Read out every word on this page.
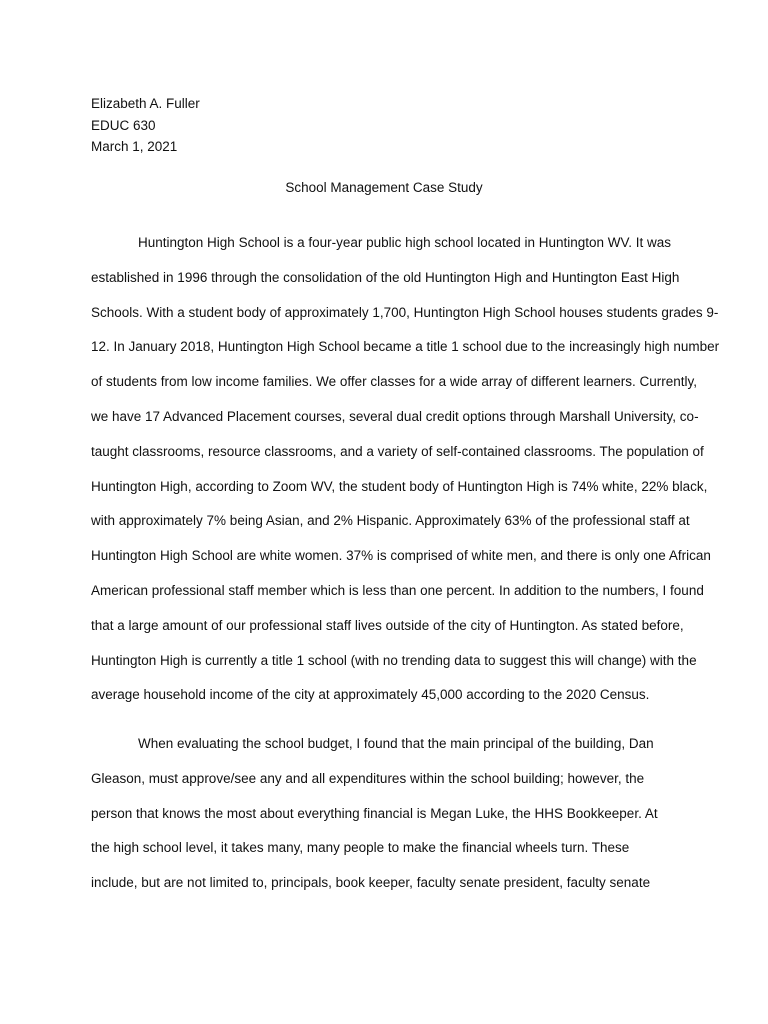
Elizabeth A. Fuller
EDUC 630
March 1, 2021
School Management Case Study
Huntington High School is a four-year public high school located in Huntington WV. It was
established in 1996 through the consolidation of the old Huntington High and Huntington East High
Schools. With a student body of approximately 1,700, Huntington High School houses students grades 9-
12. In January 2018, Huntington High School became a title 1 school due to the increasingly high number
of students from low income families. We offer classes for a wide array of different learners. Currently,
we have 17 Advanced Placement courses, several dual credit options through Marshall University, co-
taught classrooms, resource classrooms, and a variety of self-contained classrooms. The population of
Huntington High, according to Zoom WV, the student body of Huntington High is 74% white, 22% black,
with approximately 7% being Asian, and 2% Hispanic. Approximately 63% of the professional staff at
Huntington High School are white women. 37% is comprised of white men, and there is only one African
American professional staff member which is less than one percent. In addition to the numbers, I found
that a large amount of our professional staff lives outside of the city of Huntington. As stated before,
Huntington High is currently a title 1 school (with no trending data to suggest this will change) with the
average household income of the city at approximately 45,000 according to the 2020 Census.
When evaluating the school budget, I found that the main principal of the building, Dan
Gleason, must approve/see any and all expenditures within the school building; however, the
person that knows the most about everything financial is Megan Luke, the HHS Bookkeeper. At
the high school level, it takes many, many people to make the financial wheels turn. These
include, but are not limited to, principals, book keeper, faculty senate president, faculty senate
